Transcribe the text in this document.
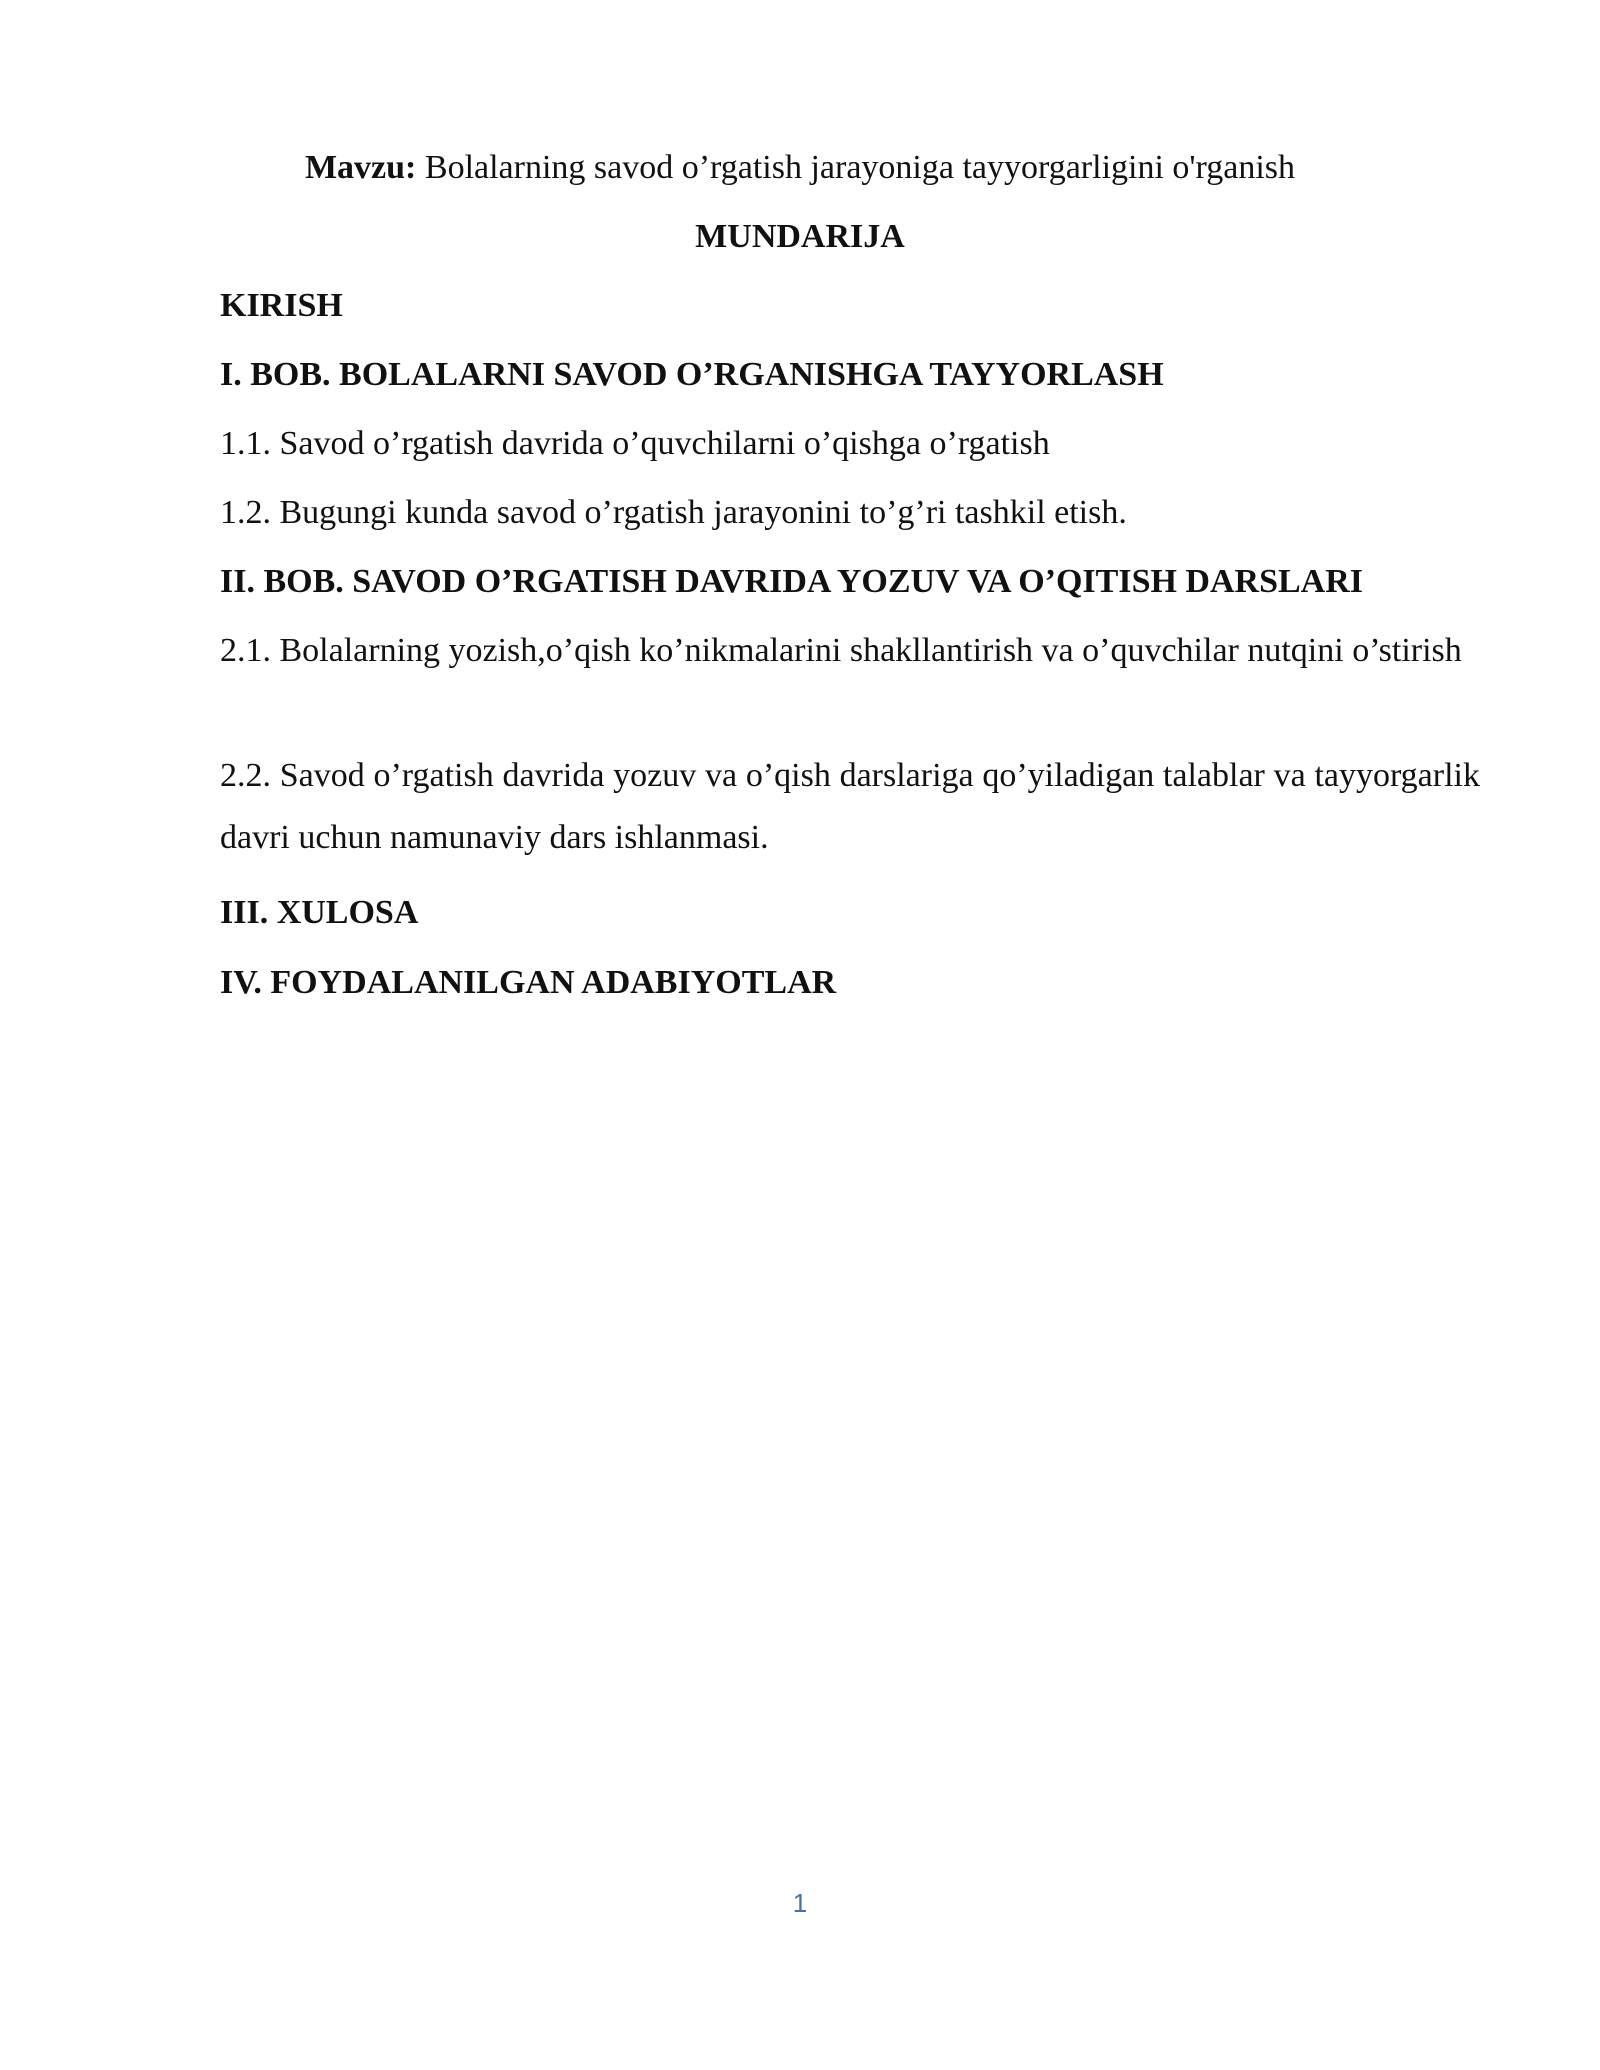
Mavzu: Bolalarning savod o’rgatish jarayoniga tayyorgarligini o'rganish
MUNDARIJA
KIRISH
I. BOB. BOLALARNI SAVOD O’RGANISHGA TAYYORLASH
1.1. Savod o’rgatish davrida o’quvchilarni o’qishga o’rgatish
1.2. Bugungi kunda savod o’rgatish jarayonini to’g’ri tashkil etish.
II. BOB. SAVOD O’RGATISH DAVRIDA YOZUV VA O’QITISH DARSLARI
2.1. Bolalarning yozish,o’qish ko’nikmalarini shakllantirish va o’quvchilar nutqini o’stirish
2.2. Savod o’rgatish davrida yozuv va o’qish darslariga qo’yiladigan talablar va tayyorgarlik davri uchun namunaviy dars ishlanmasi.
III. XULOSA
IV. FOYDALANILGAN ADABIYOTLAR
1
